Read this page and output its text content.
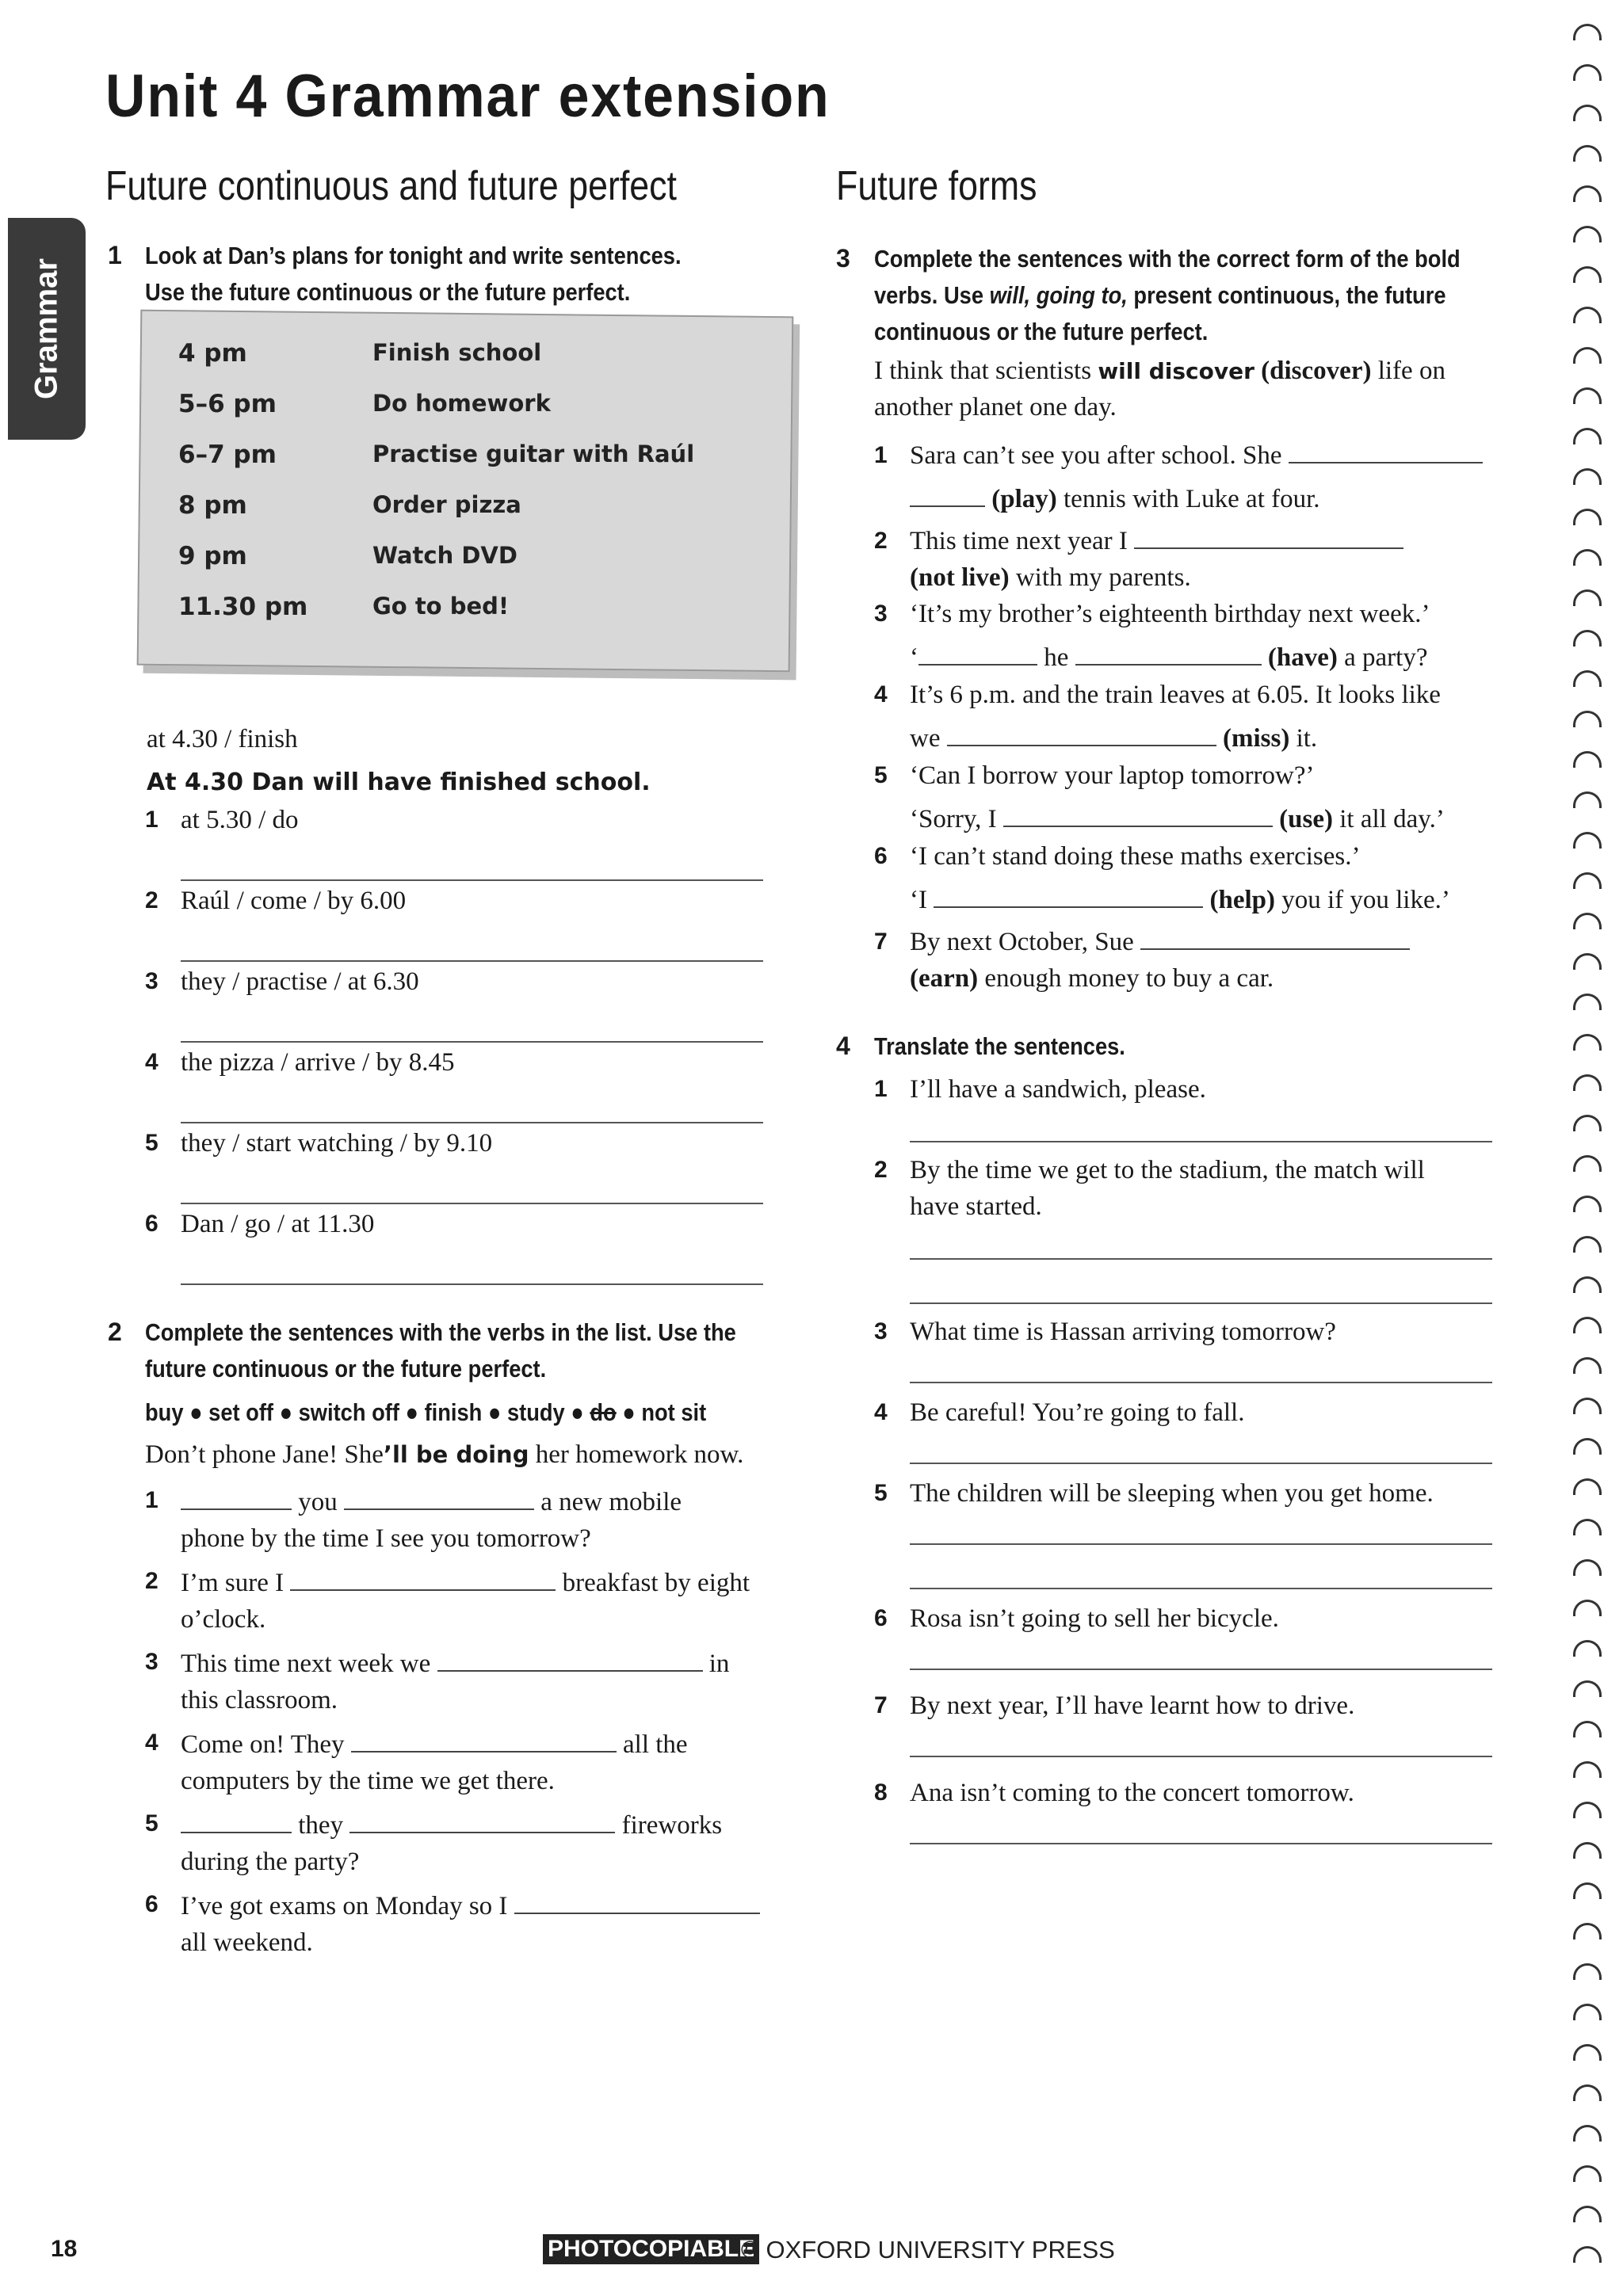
Unit 4 Grammar extension
Grammar
Future continuous and future perfect
1 Look at Dan’s plans for tonight and write sentences.
Use the future continuous or the future perfect.
4 pm	Finish school
5–6 pm	Do homework
6–7 pm	Practise guitar with Raúl
8 pm	Order pizza
9 pm	Watch DVD
11.30 pm	Go to bed!
at 4.30 / finish
At 4.30 Dan will have finished school.
1 at 5.30 / do
2 Raúl / come / by 6.00
3 they / practise / at 6.30
4 the pizza / arrive / by 8.45
5 they / start watching / by 9.10
6 Dan / go / at 11.30
2 Complete the sentences with the verbs in the list. Use the
future continuous or the future perfect.
buy ● set off ● switch off ● finish ● study ● do ● not sit
Don’t phone Jane! She’ll be doing her homework now.
1	you	a new mobile
phone by the time I see you tomorrow?
2 I’m sure I	breakfast by eight
o’clock.
3 This time next week we	in
this classroom.
4 Come on! They	all the
computers by the time we get there.
5	they	fireworks
during the party?
6 I’ve got exams on Monday so I
all weekend.
Future forms
3 Complete the sentences with the correct form of the bold
verbs. Use will, going to, present continuous, the future
continuous or the future perfect.
I think that scientists will discover (discover) life on
another planet one day.
1 Sara can’t see you after school. She
(play) tennis with Luke at four.
2 This time next year I
(not live) with my parents.
3 ‘It’s my brother’s eighteenth birthday next week.’
‘	he	(have) a party?
4 It’s 6 p.m. and the train leaves at 6.05. It looks like
we	(miss) it.
5 ‘Can I borrow your laptop tomorrow?’
‘Sorry, I	(use) it all day.’
6 ‘I can’t stand doing these maths exercises.’
‘I	(help) you if you like.’
7 By next October, Sue
(earn) enough money to buy a car.
4 Translate the sentences.
1 I’ll have a sandwich, please.
2 By the time we get to the stadium, the match will
have started.
3 What time is Hassan arriving tomorrow?
4 Be careful! You’re going to fall.
5 The children will be sleeping when you get home.
6 Rosa isn’t going to sell her bicycle.
7 By next year, I’ll have learnt how to drive.
8 Ana isn’t coming to the concert tomorrow.
18	PHOTOCOPIABLE
© OXFORD UNIVERSITY PRESS
